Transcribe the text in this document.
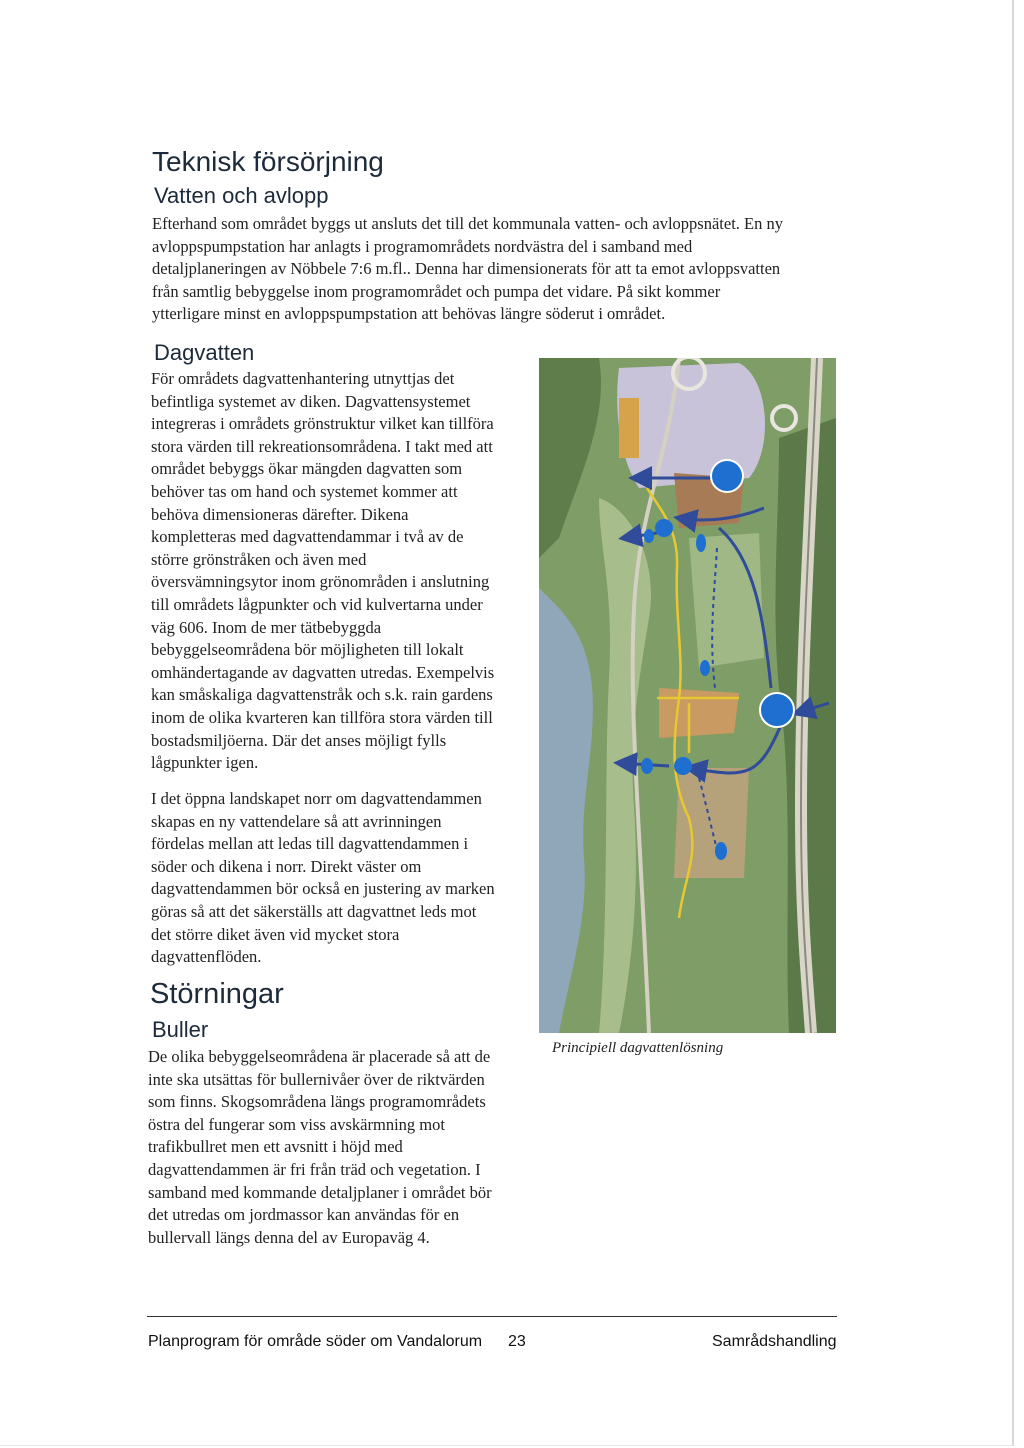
Teknisk försörjning
Vatten och avlopp
Efterhand som området byggs ut ansluts det till det kommunala vatten- och avloppsnätet. En ny
avloppspumpstation har anlagts i programområdets nordvästra del i samband med
detaljplaneringen av Nöbbele 7:6 m.fl.. Denna har dimensionerats för att ta emot avloppsvatten
från samtlig bebyggelse inom programområdet och pumpa det vidare. På sikt kommer
ytterligare minst en avloppspumpstation att behövas längre söderut i området.
Dagvatten
För områdets dagvattenhantering utnyttjas det
befintliga systemet av diken. Dagvattensystemet
integreras i områdets grönstruktur vilket kan tillföra
stora värden till rekreationsområdena. I takt med att
området bebyggs ökar mängden dagvatten som
behöver tas om hand och systemet kommer att
behöva dimensioneras därefter. Dikena
kompletteras med dagvattendammar i två av de
större grönstråken och även med
översvämningsytor inom grönområden i anslutning
till områdets lågpunkter och vid kulvertarna under
väg 606. Inom de mer tätbebyggda
bebyggelseområdena bör möjligheten till lokalt
omhändertagande av dagvatten utredas. Exempelvis
kan småskaliga dagvattenstråk och s.k. rain gardens
inom de olika kvarteren kan tillföra stora värden till
bostadsmiljöerna. Där det anses möjligt fylls
lågpunkter igen.
I det öppna landskapet norr om dagvattendammen
skapas en ny vattendelare så att avrinningen
fördelas mellan att ledas till dagvattendammen i
söder och dikena i norr. Direkt väster om
dagvattendammen bör också en justering av marken
göras så att det säkerställs att dagvattnet leds mot
det större diket även vid mycket stora
dagvattenflöden.
Störningar
Buller
De olika bebyggelseområdena är placerade så att de
inte ska utsättas för bullernivåer över de riktvärden
som finns. Skogsområdena längs programområdets
östra del fungerar som viss avskärmning mot
trafikbullret men ett avsnitt i höjd med
dagvattendammen är fri från träd och vegetation. I
samband med kommande detaljplaner i området bör
det utredas om jordmassor kan användas för en
bullervall längs denna del av Europaväg 4.

Principiell dagvattenlösning

Planprogram för område söder om Vandalorum 23	Samrådshandling
